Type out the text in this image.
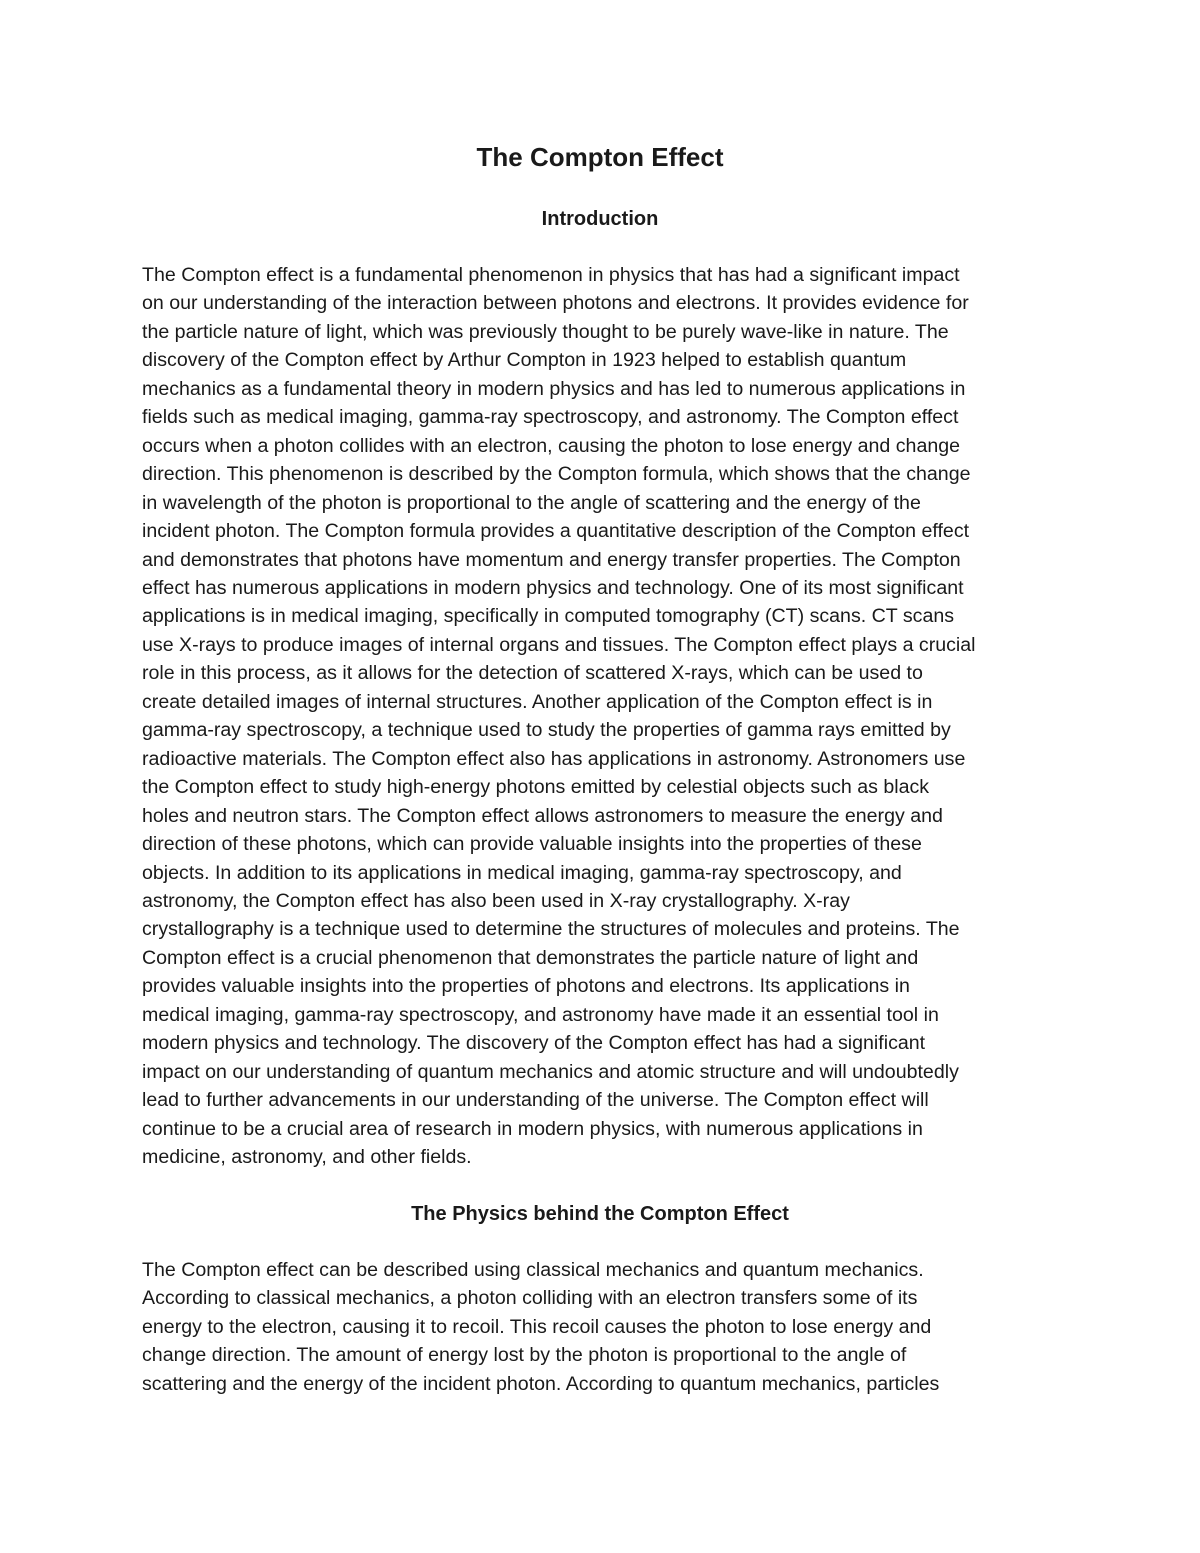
The Compton Effect
Introduction

The Compton effect is a fundamental phenomenon in physics that has had a significant impact
on our understanding of the interaction between photons and electrons. It provides evidence for
the particle nature of light, which was previously thought to be purely wave-like in nature. The
discovery of the Compton effect by Arthur Compton in 1923 helped to establish quantum
mechanics as a fundamental theory in modern physics and has led to numerous applications in
fields such as medical imaging, gamma-ray spectroscopy, and astronomy. The Compton effect
occurs when a photon collides with an electron, causing the photon to lose energy and change
direction. This phenomenon is described by the Compton formula, which shows that the change
in wavelength of the photon is proportional to the angle of scattering and the energy of the
incident photon. The Compton formula provides a quantitative description of the Compton effect
and demonstrates that photons have momentum and energy transfer properties. The Compton
effect has numerous applications in modern physics and technology. One of its most significant
applications is in medical imaging, specifically in computed tomography (CT) scans. CT scans
use X-rays to produce images of internal organs and tissues. The Compton effect plays a crucial
role in this process, as it allows for the detection of scattered X-rays, which can be used to
create detailed images of internal structures. Another application of the Compton effect is in
gamma-ray spectroscopy, a technique used to study the properties of gamma rays emitted by
radioactive materials. The Compton effect also has applications in astronomy. Astronomers use
the Compton effect to study high-energy photons emitted by celestial objects such as black
holes and neutron stars. The Compton effect allows astronomers to measure the energy and
direction of these photons, which can provide valuable insights into the properties of these
objects. In addition to its applications in medical imaging, gamma-ray spectroscopy, and
astronomy, the Compton effect has also been used in X-ray crystallography. X-ray
crystallography is a technique used to determine the structures of molecules and proteins. The
Compton effect is a crucial phenomenon that demonstrates the particle nature of light and
provides valuable insights into the properties of photons and electrons. Its applications in
medical imaging, gamma-ray spectroscopy, and astronomy have made it an essential tool in
modern physics and technology. The discovery of the Compton effect has had a significant
impact on our understanding of quantum mechanics and atomic structure and will undoubtedly
lead to further advancements in our understanding of the universe. The Compton effect will
continue to be a crucial area of research in modern physics, with numerous applications in
medicine, astronomy, and other fields.

The Physics behind the Compton Effect

The Compton effect can be described using classical mechanics and quantum mechanics.
According to classical mechanics, a photon colliding with an electron transfers some of its
energy to the electron, causing it to recoil. This recoil causes the photon to lose energy and
change direction. The amount of energy lost by the photon is proportional to the angle of
scattering and the energy of the incident photon. According to quantum mechanics, particles
